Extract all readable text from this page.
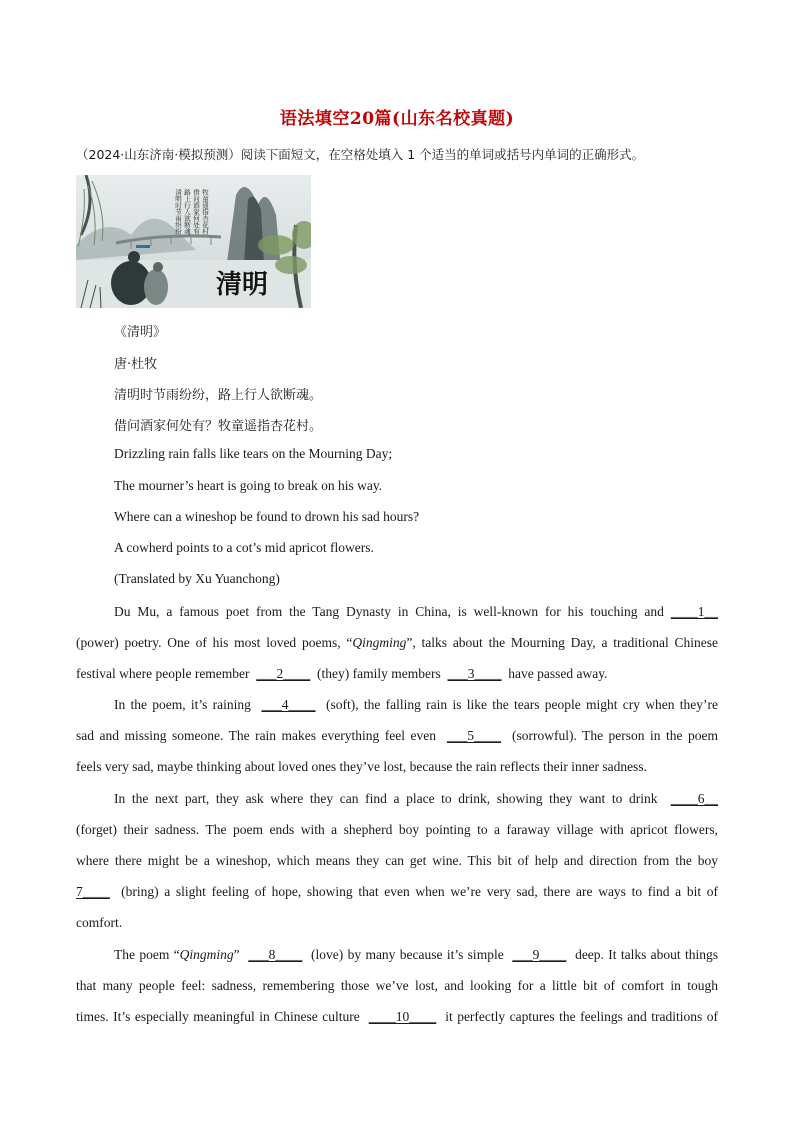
语法填空20篇(山东名校真题)
（2024·山东济南·模拟预测）阅读下面短文，在空格处填入 1 个适当的单词或括号内单词的正确形式。
清明时节雨纷纷 路上行人欲断魂 借问酒家何处有 牧童遥指杏花村
清明
《清明》
唐·杜牧
清明时节雨纷纷，路上行人欲断魂。
借问酒家何处有？牧童遥指杏花村。
Drizzling rain falls like tears on the Mourning Day;
The mourner’s heart is going to break on his way.
Where can a wineshop be found to drown his sad hours?
A cowherd points to a cot’s mid apricot flowers.
(Translated by Xu Yuanchong)
Du Mu, a famous poet from the Tang Dynasty in China, is well-known for his touching and ____1__
(power) poetry. One of his most loved poems, “Qingming”, talks about the Mourning Day, a traditional Chinese
festival where people remember ___2____ (they) family members ___3____ have passed away.
In the poem, it’s raining ___4____ (soft), the falling rain is like the tears people might cry when they’re
sad and missing someone. The rain makes everything feel even ___5____ (sorrowful). The person in the poem
feels very sad, maybe thinking about loved ones they’ve lost, because the rain reflects their inner sadness.
In the next part, they ask where they can find a place to drink, showing they want to drink ____6__
(forget) their sadness. The poem ends with a shepherd boy pointing to a faraway village with apricot flowers,
where there might be a wineshop, which means they can get wine. This bit of help and direction from the boy
7____ (bring) a slight feeling of hope, showing that even when we’re very sad, there are ways to find a bit of
comfort.
The poem “Qingming” ___8____ (love) by many because it’s simple ___9____ deep. It talks about things
that many people feel: sadness, remembering those we’ve lost, and looking for a little bit of comfort in tough
times. It’s especially meaningful in Chinese culture ____10____ it perfectly captures the feelings and traditions of
